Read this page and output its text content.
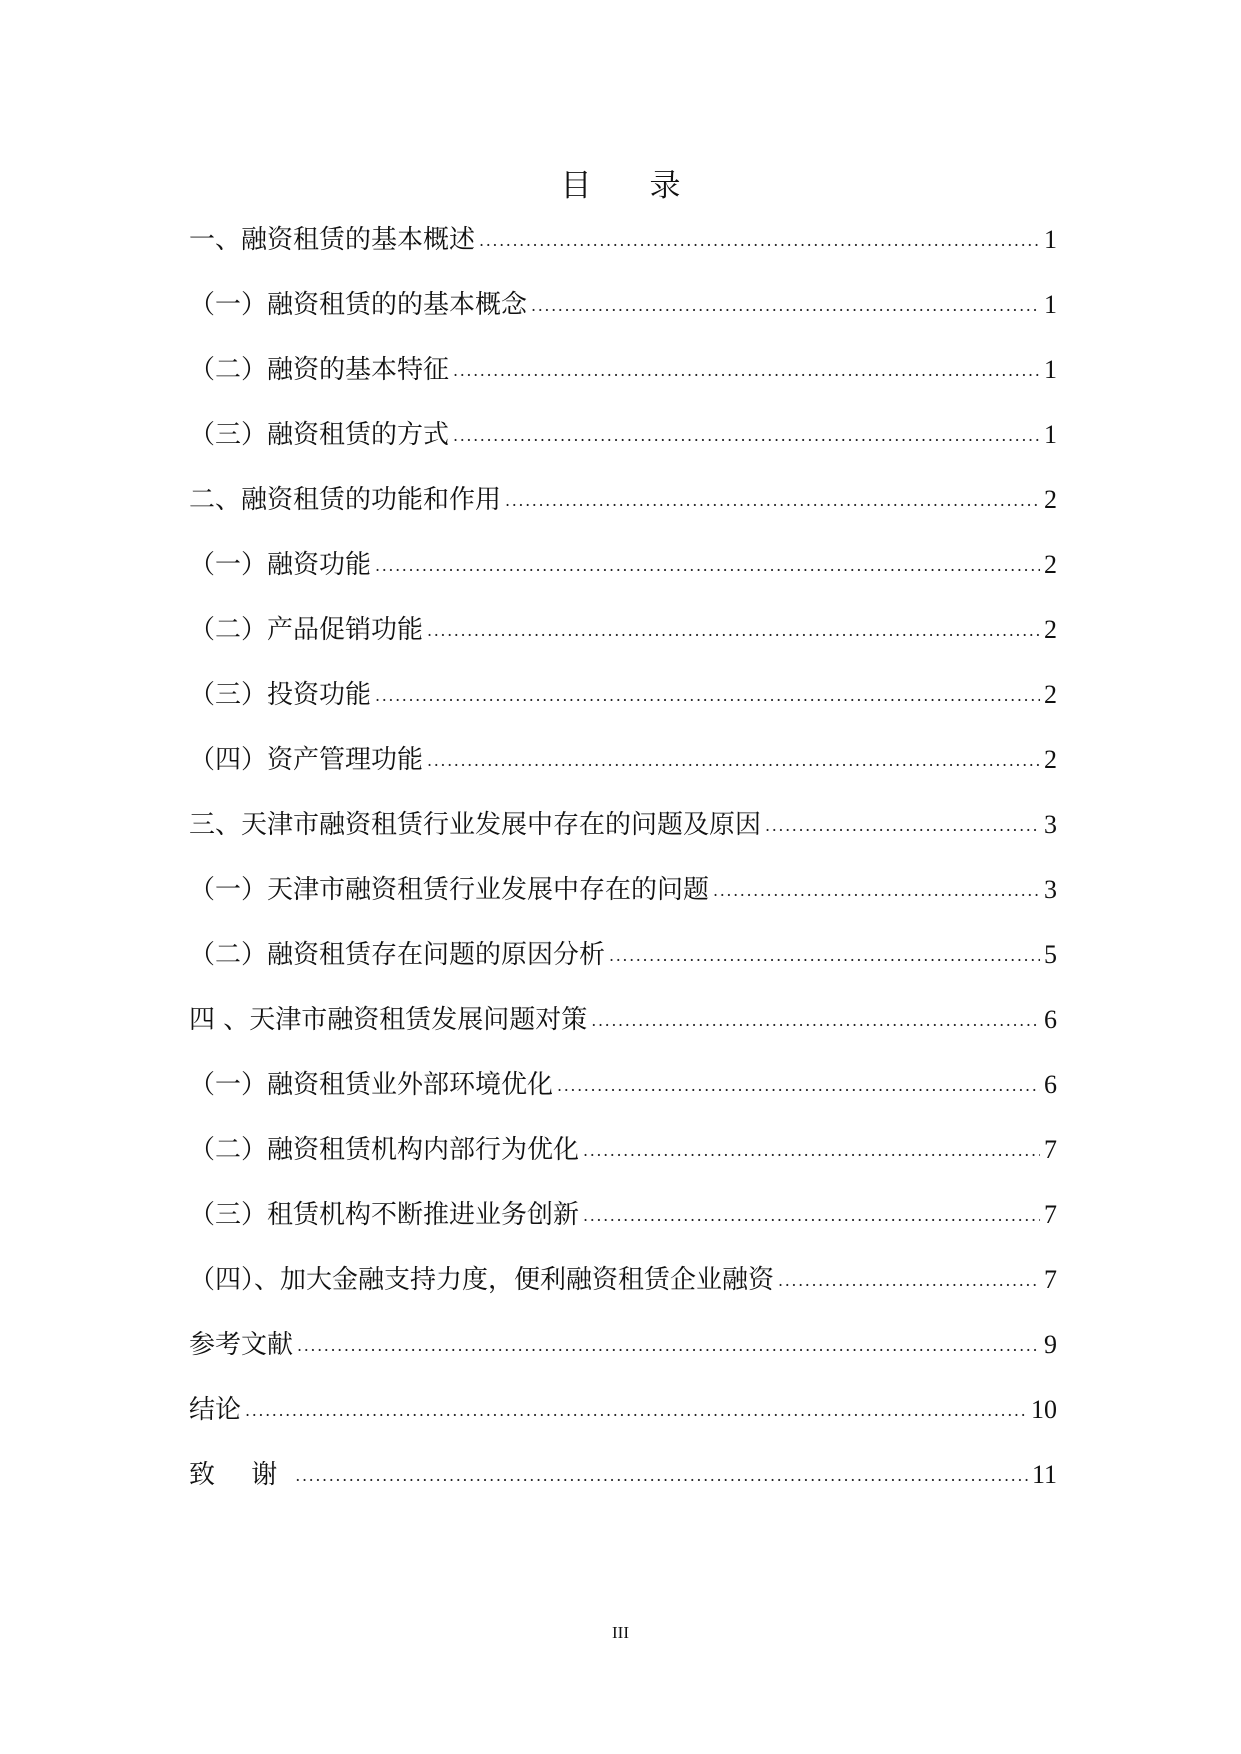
目录
一、融资租赁的基本概述 .....	1
（一）融资租赁的的基本概念 .....	1
（二）融资的基本特征 .....	1
（三）融资租赁的方式 .....	1
二、融资租赁的功能和作用 .....	2
（一）融资功能 .....	2
（二）产品促销功能 .....	2
（三）投资功能 .....	2
（四）资产管理功能 .....	2
三、天津市融资租赁行业发展中存在的问题及原因 .....	3
（一）天津市融资租赁行业发展中存在的问题 .....	3
（二）融资租赁存在问题的原因分析 .....	5
四 、天津市融资租赁发展问题对策 .....	6
（一）融资租赁业外部环境优化 .....	6
（二）融资租赁机构内部行为优化 .....	7
（三）租赁机构不断推进业务创新 .....	7
（四）、加大金融支持力度，便利融资租赁企业融资 .....	7
参考文献 .....	9
结论 .....	10
致 谢 .....	11
III
